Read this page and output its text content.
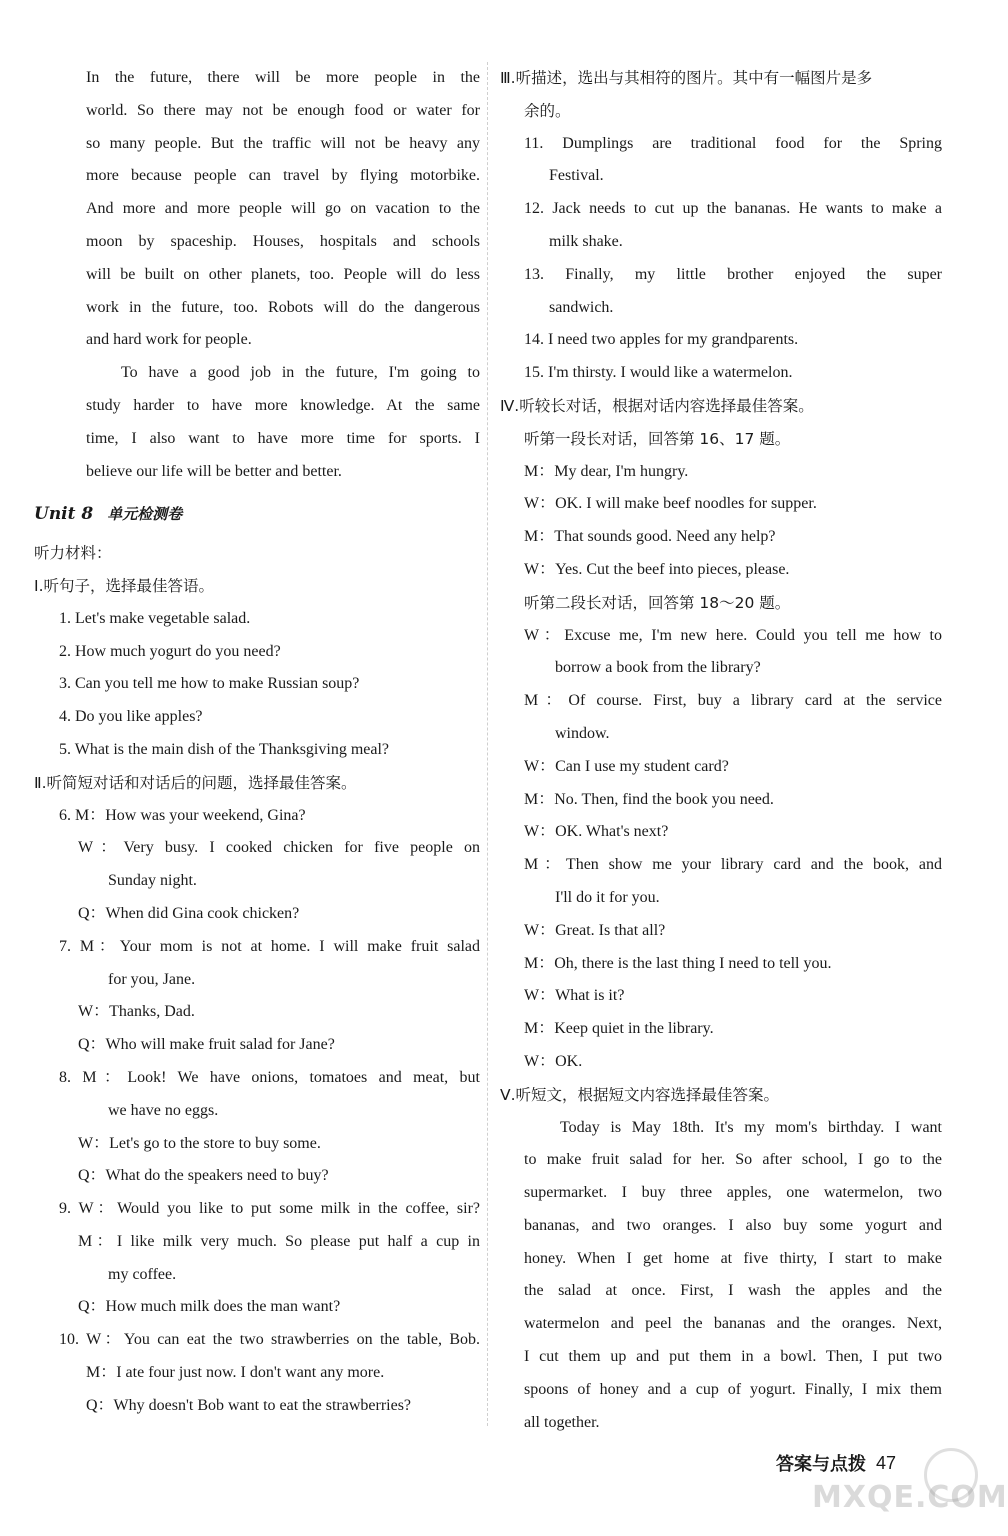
In the future, there will be more people in the
world. So there may not be enough food or water for
so many people. But the traffic will not be heavy any
more because people can travel by flying motorbike.
And more and more people will go on vacation to the
moon by spaceship. Houses, hospitals and schools
will be built on other planets, too. People will do less
work in the future, too. Robots will do the dangerous
and hard work for people.
To have a good job in the future, I'm going to
study harder to have more knowledge. At the same
time, I also want to have more time for sports. I
believe our life will be better and better.
Unit 8 单元检测卷
听力材料：
Ⅰ.听句子，选择最佳答语。
1. Let's make vegetable salad.
2. How much yogurt do you need?
3. Can you tell me how to make Russian soup?
4. Do you like apples?
5. What is the main dish of the Thanksgiving meal?
Ⅱ.听简短对话和对话后的问题，选择最佳答案。
6. M：How was your weekend, Gina?
W：Very busy. I cooked chicken for five people on
Sunday night.
Q：When did Gina cook chicken?
7. M：Your mom is not at home. I will make fruit salad
for you, Jane.
W：Thanks, Dad.
Q：Who will make fruit salad for Jane?
8. M：Look! We have onions, tomatoes and meat, but
we have no eggs.
W：Let's go to the store to buy some.
Q：What do the speakers need to buy?
9. W：Would you like to put some milk in the coffee, sir?
M：I like milk very much. So please put half a cup in
my coffee.
Q：How much milk does the man want?
10. W：You can eat the two strawberries on the table, Bob.
M：I ate four just now. I don't want any more.
Q：Why doesn't Bob want to eat the strawberries?
Ⅲ.听描述，选出与其相符的图片。其中有一幅图片是多
余的。
11. Dumplings are traditional food for the Spring
Festival.
12. Jack needs to cut up the bananas. He wants to make a
milk shake.
13. Finally, my little brother enjoyed the super
sandwich.
14. I need two apples for my grandparents.
15. I'm thirsty. I would like a watermelon.
Ⅳ.听较长对话，根据对话内容选择最佳答案。
听第一段长对话，回答第 16、17 题。
M：My dear, I'm hungry.
W：OK. I will make beef noodles for supper.
M：That sounds good. Need any help?
W：Yes. Cut the beef into pieces, please.
听第二段长对话，回答第 18～20 题。
W：Excuse me, I'm new here. Could you tell me how to
borrow a book from the library?
M：Of course. First, buy a library card at the service
window.
W：Can I use my student card?
M：No. Then, find the book you need.
W：OK. What's next?
M：Then show me your library card and the book, and
I'll do it for you.
W：Great. Is that all?
M：Oh, there is the last thing I need to tell you.
W：What is it?
M：Keep quiet in the library.
W：OK.
Ⅴ.听短文，根据短文内容选择最佳答案。
Today is May 18th. It's my mom's birthday. I want
to make fruit salad for her. So after school, I go to the
supermarket. I buy three apples, one watermelon, two
bananas, and two oranges. I also buy some yogurt and
honey. When I get home at five thirty, I start to make
the salad at once. First, I wash the apples and the
watermelon and peel the bananas and the oranges. Next,
I cut them up and put them in a bowl. Then, I put two
spoons of honey and a cup of yogurt. Finally, I mix them
all together.
答案与点拨 47
MXQE.COM
